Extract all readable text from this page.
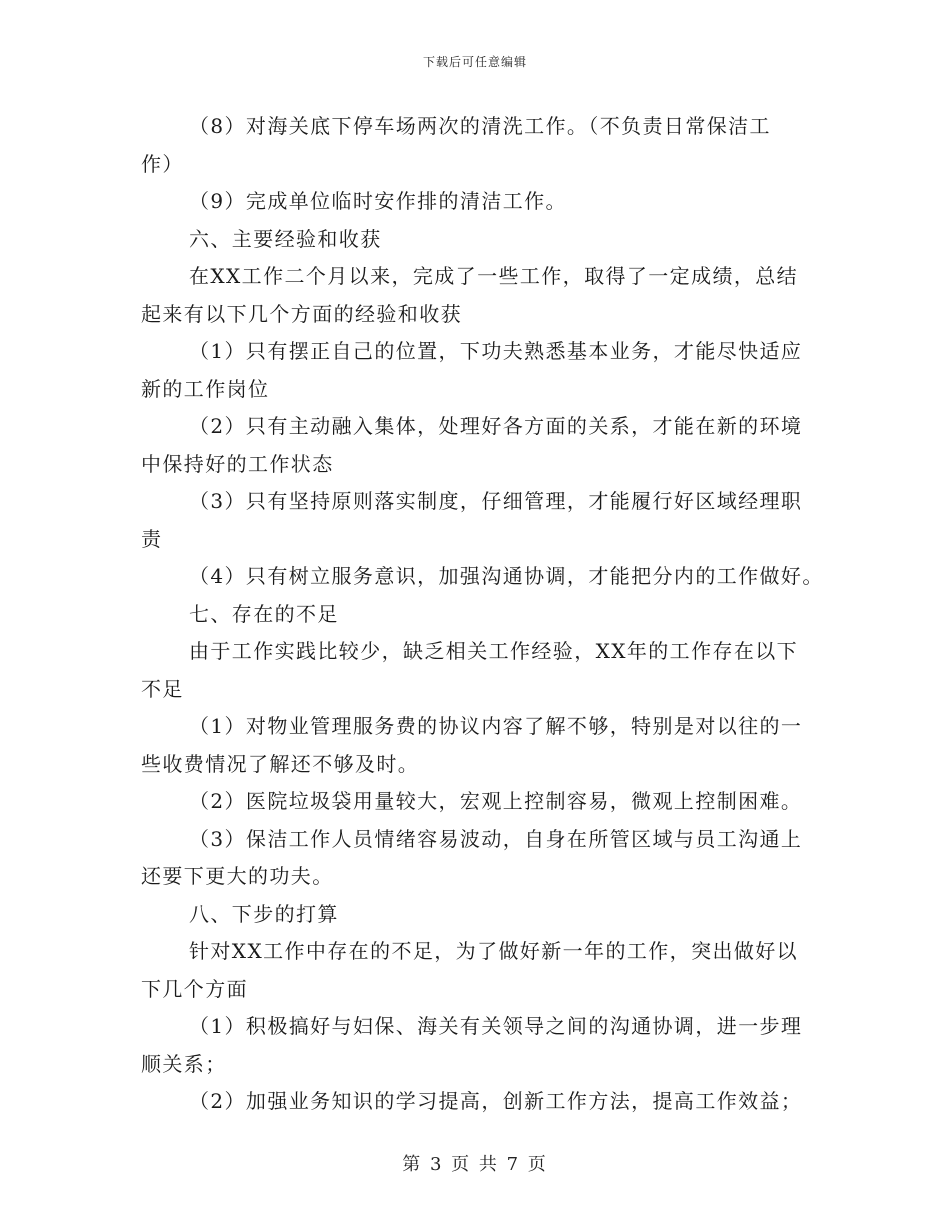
下载后可任意编辑
（8）对海关底下停车场两次的清洗工作。（不负责日常保洁工
作）
（9）完成单位临时安作排的清洁工作。
六、主要经验和收获
在XX工作二个月以来，完成了一些工作，取得了一定成绩，总结
起来有以下几个方面的经验和收获
（1）只有摆正自己的位置，下功夫熟悉基本业务，才能尽快适应
新的工作岗位
（2）只有主动融入集体，处理好各方面的关系，才能在新的环境
中保持好的工作状态
（3）只有坚持原则落实制度，仔细管理，才能履行好区域经理职
责
（4）只有树立服务意识，加强沟通协调，才能把分内的工作做好。
七、存在的不足
由于工作实践比较少，缺乏相关工作经验，XX年的工作存在以下
不足
（1）对物业管理服务费的协议内容了解不够，特别是对以往的一
些收费情况了解还不够及时。
（2）医院垃圾袋用量较大，宏观上控制容易，微观上控制困难。
（3）保洁工作人员情绪容易波动，自身在所管区域与员工沟通上
还要下更大的功夫。
八、下步的打算
针对XX工作中存在的不足，为了做好新一年的工作，突出做好以
下几个方面
（1）积极搞好与妇保、海关有关领导之间的沟通协调，进一步理
顺关系；
（2）加强业务知识的学习提高，创新工作方法，提高工作效益；
第 3 页 共 7 页
